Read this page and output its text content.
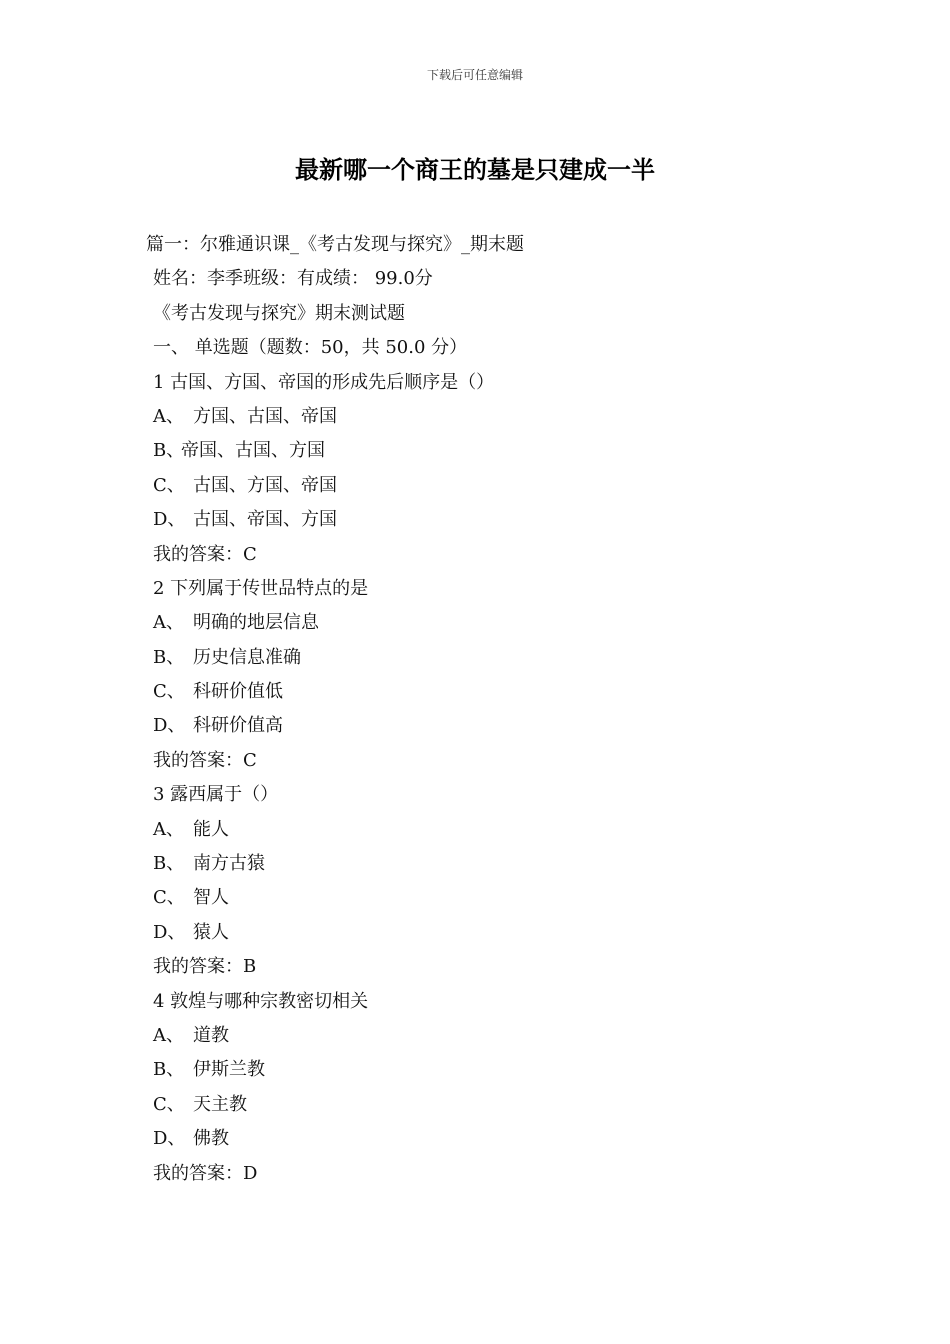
下载后可任意编辑
最新哪一个商王的墓是只建成一半
篇一：尔雅通识课_《考古发现与探究》_期末题
姓名：李季班级：有成绩： 99.0分
《考古发现与探究》期末测试题
一、 单选题（题数：50，共 50.0 分）
1 古国、方国、帝国的形成先后顺序是（）
A、 方国、古国、帝国
B、帝国、古国、方国
C、 古国、方国、帝国
D、 古国、帝国、方国
我的答案：C
2 下列属于传世品特点的是
A、 明确的地层信息
B、 历史信息准确
C、 科研价值低
D、 科研价值高
我的答案：C
3 露西属于（）
A、 能人
B、 南方古猿
C、 智人
D、 猿人
我的答案：B
4 敦煌与哪种宗教密切相关
A、 道教
B、 伊斯兰教
C、 天主教
D、 佛教
我的答案：D
